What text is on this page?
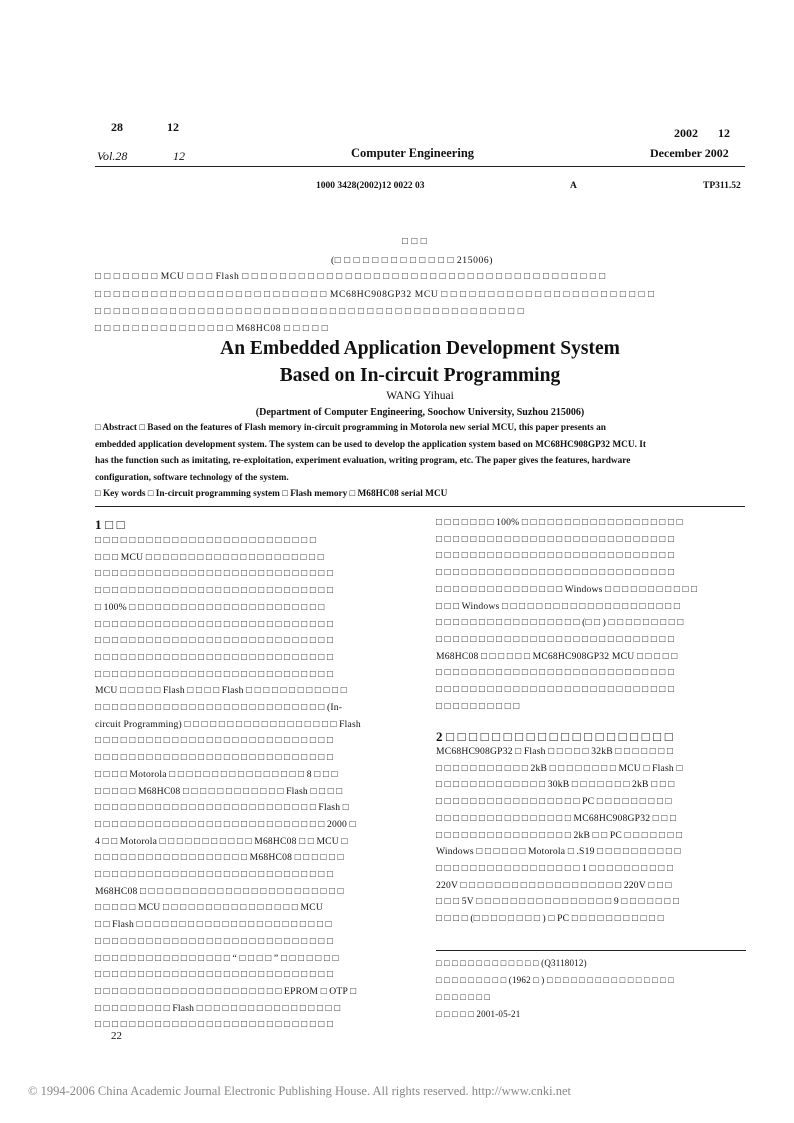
28	12	2002 12
Vol.28	12	Computer Engineering	December 2002
1000 3428(2002)12 0022 03	A	TP311.52
□ □ □
(□ □ □ □ □ □ □ □ □ □ □ □ □ 215006)
□ □ □ □ □ □ □ MCU □ □ □ Flash □ □ □ □ □ □ □ □ □ □ □ □ □ □ □ □ □ □ □ □ □ □ □ □ □ □ □ □ □ □ □ □ □ □ □ □ □ □ □
□ □ □ □ □ □ □ □ □ □ □ □ □ □ □ □ □ □ □ □ □ □ □ □ □ MC68HC908GP32 MCU □ □ □ □ □ □ □ □ □ □ □ □ □ □ □ □ □ □ □ □ □ □ □
□ □ □ □ □ □ □ □ □ □ □ □ □ □ □ □ □ □ □ □ □ □ □ □ □ □ □ □ □ □ □ □ □ □ □ □ □ □ □ □ □ □ □ □ □ □
□ □ □ □ □ □ □ □ □ □ □ □ □ □ □ M68HC08 □ □ □ □ □
An Embedded Application Development System
Based on In-circuit Programming
WANG Yihuai
(Department of Computer Engineering, Soochow University, Suzhou 215006)
□ Abstract □ Based on the features of Flash memory in-circuit programming in Motorola new serial MCU, this paper presents an
embedded application development system. The system can be used to develop the application system based on MC68HC908GP32 MCU. It
has the function such as imitating, re-exploitation, experiment evaluation, writing program, etc. The paper gives the features, hardware
configuration, software technology of the system.
□ Key words □ In-circuit programming system □ Flash memory □ M68HC08 serial MCU
1 □ □
□ □ □ □ □ □ □ □ □ □ □ □ □ □ □ □ □ □ □ □ □ □ □ □ □ □
□ □ □ MCU □ □ □ □ □ □ □ □ □ □ □ □ □ □ □ □ □ □ □ □ □
□ □ □ □ □ □ □ □ □ □ □ □ □ □ □ □ □ □ □ □ □ □ □ □ □ □ □ □
□ □ □ □ □ □ □ □ □ □ □ □ □ □ □ □ □ □ □ □ □ □ □ □ □ □ □ □
□ 100% □ □ □ □ □ □ □ □ □ □ □ □ □ □ □ □ □ □ □ □ □ □ □
□ □ □ □ □ □ □ □ □ □ □ □ □ □ □ □ □ □ □ □ □ □ □ □ □ □ □ □
□ □ □ □ □ □ □ □ □ □ □ □ □ □ □ □ □ □ □ □ □ □ □ □ □ □ □ □
□ □ □ □ □ □ □ □ □ □ □ □ □ □ □ □ □ □ □ □ □ □ □ □ □ □ □ □
□ □ □ □ □ □ □ □ □ □ □ □ □ □ □ □ □ □ □ □ □ □ □ □ □ □ □ □
MCU □ □ □ □ □ Flash □ □ □ □ Flash □ □ □ □ □ □ □ □ □ □ □ □
□ □ □ □ □ □ □ □ □ □ □ □ □ □ □ □ □ □ □ □ □ □ □ □ □ □ □ (In-
circuit Programming) □ □ □ □ □ □ □ □ □ □ □ □ □ □ □ □ □ □ Flash
□ □ □ □ □ □ □ □ □ □ □ □ □ □ □ □ □ □ □ □ □ □ □ □ □ □ □ □
□ □ □ □ □ □ □ □ □ □ □ □ □ □ □ □ □ □ □ □ □ □ □ □ □ □ □ □
□ □ □ □ Motorola □ □ □ □ □ □ □ □ □ □ □ □ □ □ □ □ 8 □ □ □
□ □ □ □ □ M68HC08 □ □ □ □ □ □ □ □ □ □ □ □ Flash □ □ □ □
□ □ □ □ □ □ □ □ □ □ □ □ □ □ □ □ □ □ □ □ □ □ □ □ □ □ Flash □
□ □ □ □ □ □ □ □ □ □ □ □ □ □ □ □ □ □ □ □ □ □ □ □ □ □ □ 2000 □
4 □ □ Motorola □ □ □ □ □ □ □ □ □ □ □ M68HC08 □ □ MCU □
□ □ □ □ □ □ □ □ □ □ □ □ □ □ □ □ □ □ M68HC08 □ □ □ □ □ □
□ □ □ □ □ □ □ □ □ □ □ □ □ □ □ □ □ □ □ □ □ □ □ □ □ □ □ □
M68HC08 □ □ □ □ □ □ □ □ □ □ □ □ □ □ □ □ □ □ □ □ □ □ □ □
□ □ □ □ □ MCU □ □ □ □ □ □ □ □ □ □ □ □ □ □ □ □ MCU
□ □ Flash □ □ □ □ □ □ □ □ □ □ □ □ □ □ □ □ □ □ □ □ □ □ □
□ □ □ □ □ □ □ □ □ □ □ □ □ □ □ □ □ □ □ □ □ □ □ □ □ □ □ □
□ □ □ □ □ □ □ □ □ □ □ □ □ □ □ □ “ □ □ □ □ ” □ □ □ □ □ □ □
□ □ □ □ □ □ □ □ □ □ □ □ □ □ □ □ □ □ □ □ □ □ □ □ □ □ □ □
□ □ □ □ □ □ □ □ □ □ □ □ □ □ □ □ □ □ □ □ □ □ EPROM □ OTP □
□ □ □ □ □ □ □ □ □ Flash □ □ □ □ □ □ □ □ □ □ □ □ □ □ □ □ □
□ □ □ □ □ □ □ □ □ □ □ □ □ □ □ □ □ □ □ □ □ □ □ □ □ □ □ □
22
2 □ □ □ □ □ □ □ □ □ □ □ □ □ □ □ □ □ □ □ □
□ □ □ □ □ □ □ 100% □ □ □ □ □ □ □ □ □ □ □ □ □ □ □ □ □ □ □
□ □ □ □ □ □ □ □ □ □ □ □ □ □ □ □ □ □ □ □ □ □ □ □ □ □ □ □
□ □ □ □ □ □ □ □ □ □ □ □ □ □ □ □ □ □ □ □ □ □ □ □ □ □ □ □
□ □ □ □ □ □ □ □ □ □ □ □ □ □ □ □ □ □ □ □ □ □ □ □ □ □ □ □
□ □ □ □ □ □ □ □ □ □ □ □ □ □ □ Windows □ □ □ □ □ □ □ □ □ □ □
□ □ □ Windows □ □ □ □ □ □ □ □ □ □ □ □ □ □ □ □ □ □ □ □ □
□ □ □ □ □ □ □ □ □ □ □ □ □ □ □ □ □ (□ □ ) □ □ □ □ □ □ □ □ □
□ □ □ □ □ □ □ □ □ □ □ □ □ □ □ □ □ □ □ □ □ □ □ □ □ □ □ □
M68HC08 □ □ □ □ □ □ MC68HC908GP32 MCU □ □ □ □ □
□ □ □ □ □ □ □ □ □ □ □ □ □ □ □ □ □ □ □ □ □ □ □ □ □ □ □ □
□ □ □ □ □ □ □ □ □ □ □ □ □ □ □ □ □ □ □ □ □ □ □ □ □ □ □ □
□ □ □ □ □ □ □ □ □ □
MC68HC908GP32 □ Flash □ □ □ □ □ 32kB □ □ □ □ □ □ □
□ □ □ □ □ □ □ □ □ □ □ 2kB □ □ □ □ □ □ □ □ MCU □ Flash □
□ □ □ □ □ □ □ □ □ □ □ □ □ 30kB □ □ □ □ □ □ □ 2kB □ □ □
□ □ □ □ □ □ □ □ □ □ □ □ □ □ □ □ □ PC □ □ □ □ □ □ □ □ □
□ □ □ □ □ □ □ □ □ □ □ □ □ □ □ □ MC68HC908GP32 □ □ □
□ □ □ □ □ □ □ □ □ □ □ □ □ □ □ □ 2kB □ □ PC □ □ □ □ □ □ □
Windows □ □ □ □ □ □ Motorola □ .S19 □ □ □ □ □ □ □ □ □ □
□ □ □ □ □ □ □ □ □ □ □ □ □ □ □ □ □ 1 □ □ □ □ □ □ □ □ □ □
220V □ □ □ □ □ □ □ □ □ □ □ □ □ □ □ □ □ □ □ 220V □ □ □
□ □ □ 5V □ □ □ □ □ □ □ □ □ □ □ □ □ □ □ □ 9 □ □ □ □ □ □ □
□ □ □ □ (□ □ □ □ □ □ □ □ ) □ PC □ □ □ □ □ □ □ □ □ □ □
□ □ □ □ □ □ □ □ □ □ □ □ □ (Q3118012)
□ □ □ □ □ □ □ □ □ (1962 □ ) □ □ □ □ □ □ □ □ □ □ □ □ □ □ □ □
□ □ □ □ □ □ □
□ □ □ □ □ 2001-05-21
© 1994-2006 China Academic Journal Electronic Publishing House. All rights reserved. http://www.cnki.net
